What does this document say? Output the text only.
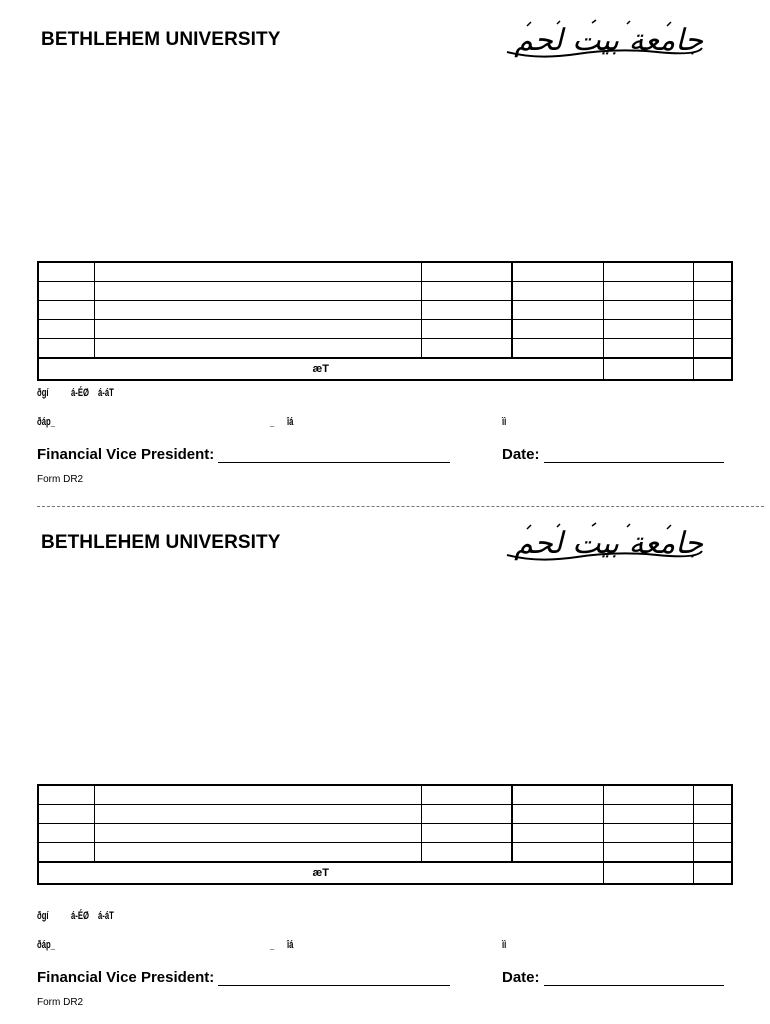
BETHLEHEM UNIVERSITY	جامعة بيت لحم

æT					
ðgí á-ÉØ á-áT
ðáp_	_ îá	ìì
Financial Vice President:	Date:
Form DR2
BETHLEHEM UNIVERSITY	جامعة بيت لحم

æT					
ðgí á-ÉØ á-áT
ðáp_	_ îá	ìì
Financial Vice President:	Date:
Form DR2
